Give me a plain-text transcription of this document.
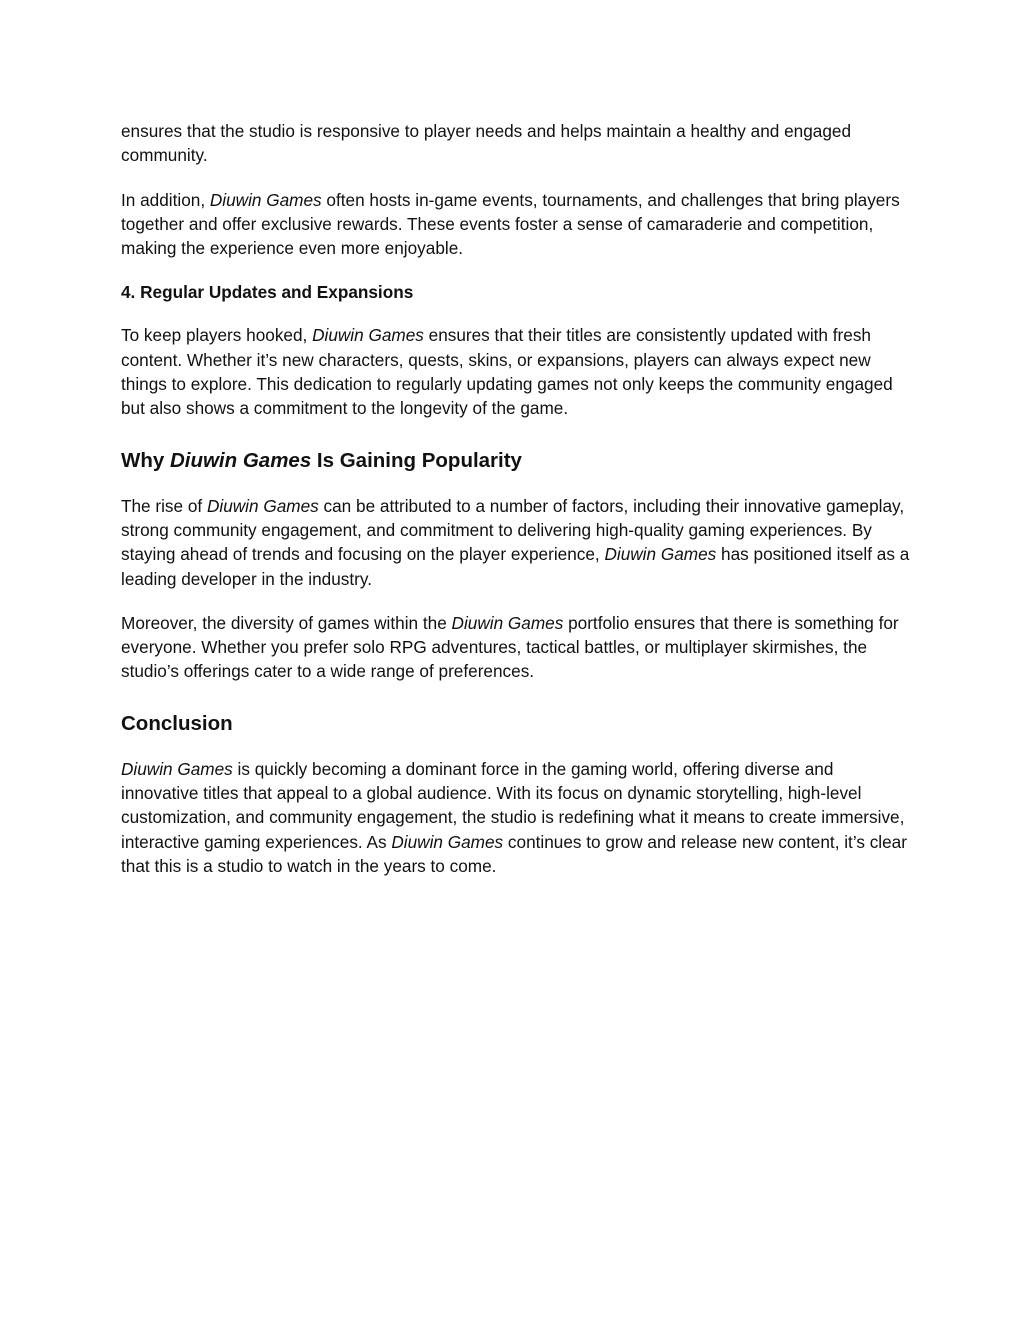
ensures that the studio is responsive to player needs and helps maintain a healthy and engaged community.

In addition, Diuwin Games often hosts in-game events, tournaments, and challenges that bring players together and offer exclusive rewards. These events foster a sense of camaraderie and competition, making the experience even more enjoyable.

4. Regular Updates and Expansions

To keep players hooked, Diuwin Games ensures that their titles are consistently updated with fresh content. Whether it’s new characters, quests, skins, or expansions, players can always expect new things to explore. This dedication to regularly updating games not only keeps the community engaged but also shows a commitment to the longevity of the game.

Why Diuwin Games Is Gaining Popularity

The rise of Diuwin Games can be attributed to a number of factors, including their innovative gameplay, strong community engagement, and commitment to delivering high-quality gaming experiences. By staying ahead of trends and focusing on the player experience, Diuwin Games has positioned itself as a leading developer in the industry.

Moreover, the diversity of games within the Diuwin Games portfolio ensures that there is something for everyone. Whether you prefer solo RPG adventures, tactical battles, or multiplayer skirmishes, the studio’s offerings cater to a wide range of preferences.

Conclusion

Diuwin Games is quickly becoming a dominant force in the gaming world, offering diverse and innovative titles that appeal to a global audience. With its focus on dynamic storytelling, high-level customization, and community engagement, the studio is redefining what it means to create immersive, interactive gaming experiences. As Diuwin Games continues to grow and release new content, it’s clear that this is a studio to watch in the years to come.
